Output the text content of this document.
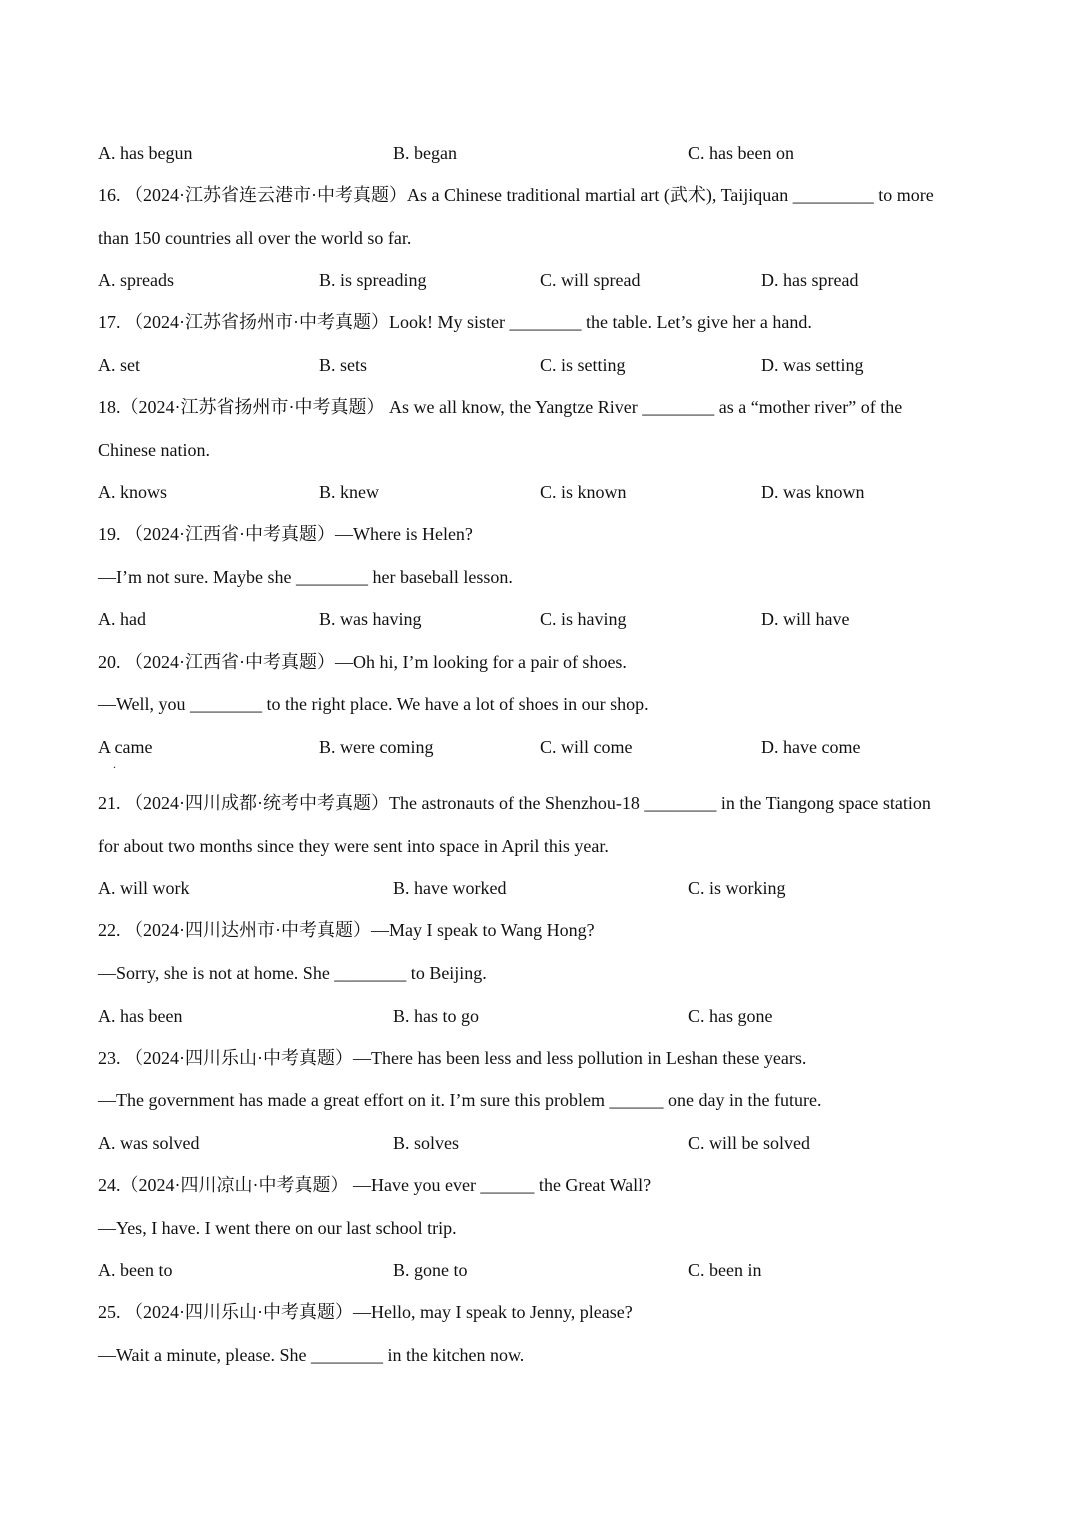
A. has begun	B. began	C. has been on
16. （2024·江苏省连云港市·中考真题）As a Chinese traditional martial art (武术), Taijiquan _________ to more
than 150 countries all over the world so far.
A. spreads	B. is spreading	C. will spread	D. has spread
17. （2024·江苏省扬州市·中考真题）Look! My sister ________ the table. Let’s give her a hand.
A. set	B. sets	C. is setting	D. was setting
18.（2024·江苏省扬州市·中考真题） As we all know, the Yangtze River ________ as a “mother river” of the
Chinese nation.
A. knows	B. knew	C. is known	D. was known
19. （2024·江西省·中考真题）—Where is Helen?
—I’m not sure. Maybe she ________ her baseball lesson.
A. had	B. was having	C. is having	D. will have
20. （2024·江西省·中考真题）—Oh hi, I’m looking for a pair of shoes.
—Well, you ________ to the right place. We have a lot of shoes in our shop.
A came	B. were coming	C. will come	D. have come
.
21. （2024·四川成都·统考中考真题）The astronauts of the Shenzhou-18 ________ in the Tiangong space station
for about two months since they were sent into space in April this year.
A. will work	B. have worked	C. is working
22. （2024·四川达州市·中考真题）—May I speak to Wang Hong?
—Sorry, she is not at home. She ________ to Beijing.
A. has been	B. has to go	C. has gone
23. （2024·四川乐山·中考真题）—There has been less and less pollution in Leshan these years.
—The government has made a great effort on it. I’m sure this problem ______ one day in the future.
A. was solved	B. solves	C. will be solved
24.（2024·四川凉山·中考真题） —Have you ever ______ the Great Wall?
—Yes, I have. I went there on our last school trip.
A. been to	B. gone to	C. been in
25. （2024·四川乐山·中考真题）—Hello, may I speak to Jenny, please?
—Wait a minute, please. She ________ in the kitchen now.
